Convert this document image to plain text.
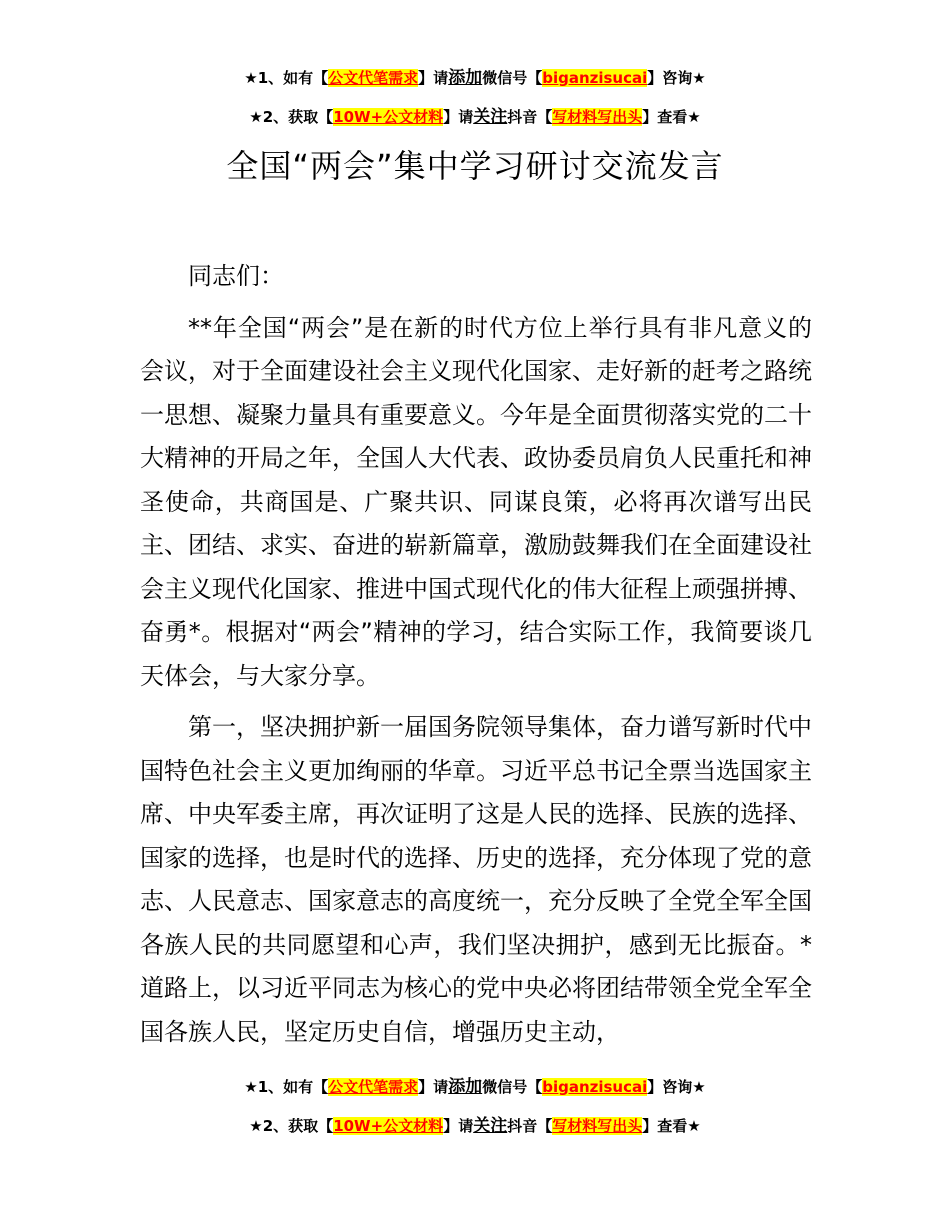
★1、如有【公文代笔需求】请添加微信号【biganzisucai】咨询★
★2、获取【10W+公文材料】请关注抖音【写材料写出头】查看★
全国“两会”集中学习研讨交流发言

同志们：

**年全国“两会”是在新的时代方位上举行具有非凡意义的会议，对于全面建设社会主义现代化国家、走好新的赶考之路统一思想、凝聚力量具有重要意义。今年是全面贯彻落实党的二十大精神的开局之年，全国人大代表、政协委员肩负人民重托和神圣使命，共商国是、广聚共识、同谋良策，必将再次谱写出民主、团结、求实、奋进的崭新篇章，激励鼓舞我们在全面建设社会主义现代化国家、推进中国式现代化的伟大征程上顽强拼搏、奋勇*。根据对“两会”精神的学习，结合实际工作，我简要谈几天体会，与大家分享。

第一，坚决拥护新一届国务院领导集体，奋力谱写新时代中国特色社会主义更加绚丽的华章。习近平总书记全票当选国家主席、中央军委主席，再次证明了这是人民的选择、民族的选择、国家的选择，也是时代的选择、历史的选择，充分体现了党的意志、人民意志、国家意志的高度统一，充分反映了全党全军全国各族人民的共同愿望和心声，我们坚决拥护，感到无比振奋。*道路上，以习近平同志为核心的党中央必将团结带领全党全军全国各族人民，坚定历史自信，增强历史主动，

★1、如有【公文代笔需求】请添加微信号【biganzisucai】咨询★
★2、获取【10W+公文材料】请关注抖音【写材料写出头】查看★
